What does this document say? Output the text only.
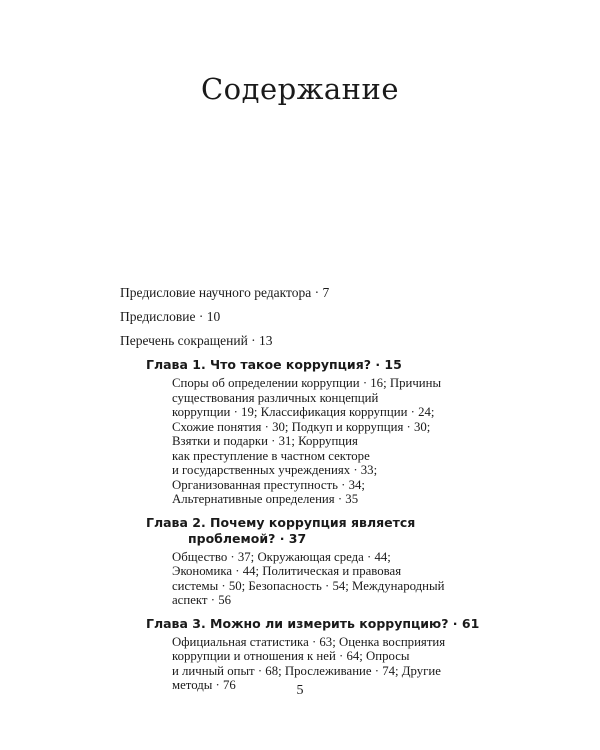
Содержание
Предисловие научного редактора · 7
Предисловие · 10
Перечень сокращений · 13
Глава 1. Что такое коррупция? · 15
Споры об определении коррупции · 16; Причины
существования различных концепций
коррупции · 19; Классификация коррупции · 24;
Схожие понятия · 30; Подкуп и коррупция · 30;
Взятки и подарки · 31; Коррупция
как преступление в частном секторе
и государственных учреждениях · 33;
Организованная преступность · 34;
Альтернативные определения · 35
Глава 2. Почему коррупция является
проблемой? · 37
Общество · 37; Окружающая среда · 44;
Экономика · 44; Политическая и правовая
системы · 50; Безопасность · 54; Международный
аспект · 56
Глава 3. Можно ли измерить коррупцию? · 61
Официальная статистика · 63; Оценка восприятия
коррупции и отношения к ней · 64; Опросы
и личный опыт · 68; Прослеживание · 74; Другие
методы · 76	5
